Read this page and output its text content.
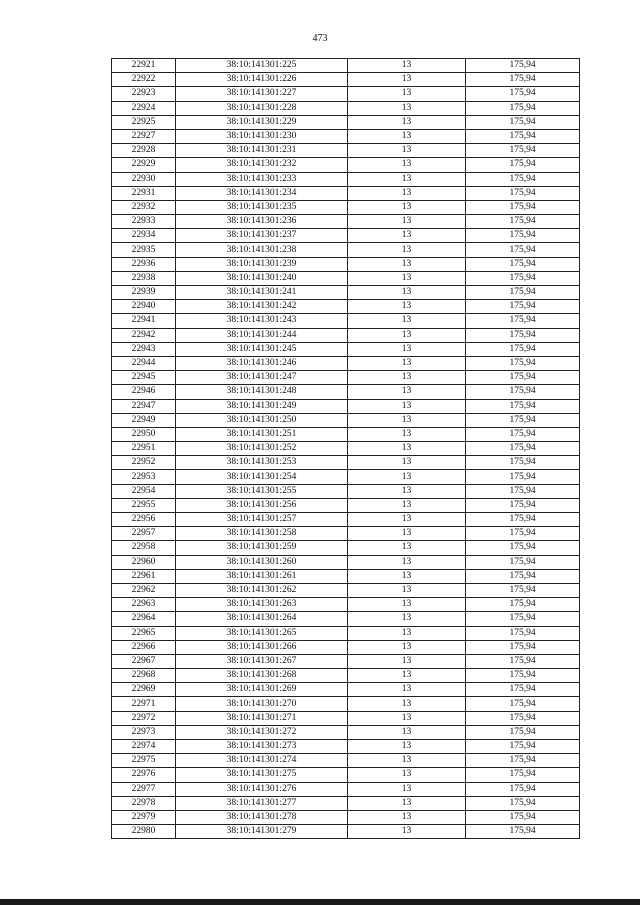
473
22921	38:10:141301:225	13	175,94
22922	38:10:141301:226	13	175,94
22923	38:10:141301:227	13	175,94
22924	38:10:141301:228	13	175,94
22925	38:10:141301:229	13	175,94
22927	38:10:141301:230	13	175,94
22928	38:10:141301:231	13	175,94
22929	38:10:141301:232	13	175,94
22930	38:10:141301:233	13	175,94
22931	38:10:141301:234	13	175,94
22932	38:10:141301:235	13	175,94
22933	38:10:141301:236	13	175,94
22934	38:10:141301:237	13	175,94
22935	38:10:141301:238	13	175,94
22936	38:10:141301:239	13	175,94
22938	38:10:141301:240	13	175,94
22939	38:10:141301:241	13	175,94
22940	38:10:141301:242	13	175,94
22941	38:10:141301:243	13	175,94
22942	38:10:141301:244	13	175,94
22943	38:10:141301:245	13	175,94
22944	38:10:141301:246	13	175,94
22945	38:10:141301:247	13	175,94
22946	38:10:141301:248	13	175,94
22947	38:10:141301:249	13	175,94
22949	38:10:141301:250	13	175,94
22950	38:10:141301:251	13	175,94
22951	38:10:141301:252	13	175,94
22952	38:10:141301:253	13	175,94
22953	38:10:141301:254	13	175,94
22954	38:10:141301:255	13	175,94
22955	38:10:141301:256	13	175,94
22956	38:10:141301:257	13	175,94
22957	38:10:141301:258	13	175,94
22958	38:10:141301:259	13	175,94
22960	38:10:141301:260	13	175,94
22961	38:10:141301:261	13	175,94
22962	38:10:141301:262	13	175,94
22963	38:10:141301:263	13	175,94
22964	38:10:141301:264	13	175,94
22965	38:10:141301:265	13	175,94
22966	38:10:141301:266	13	175,94
22967	38:10:141301:267	13	175,94
22968	38:10:141301:268	13	175,94
22969	38:10:141301:269	13	175,94
22971	38:10:141301:270	13	175,94
22972	38:10:141301:271	13	175,94
22973	38:10:141301:272	13	175,94
22974	38:10:141301:273	13	175,94
22975	38:10:141301:274	13	175,94
22976	38:10:141301:275	13	175,94
22977	38:10:141301:276	13	175,94
22978	38:10:141301:277	13	175,94
22979	38:10:141301:278	13	175,94
22980	38:10:141301:279	13	175,94
